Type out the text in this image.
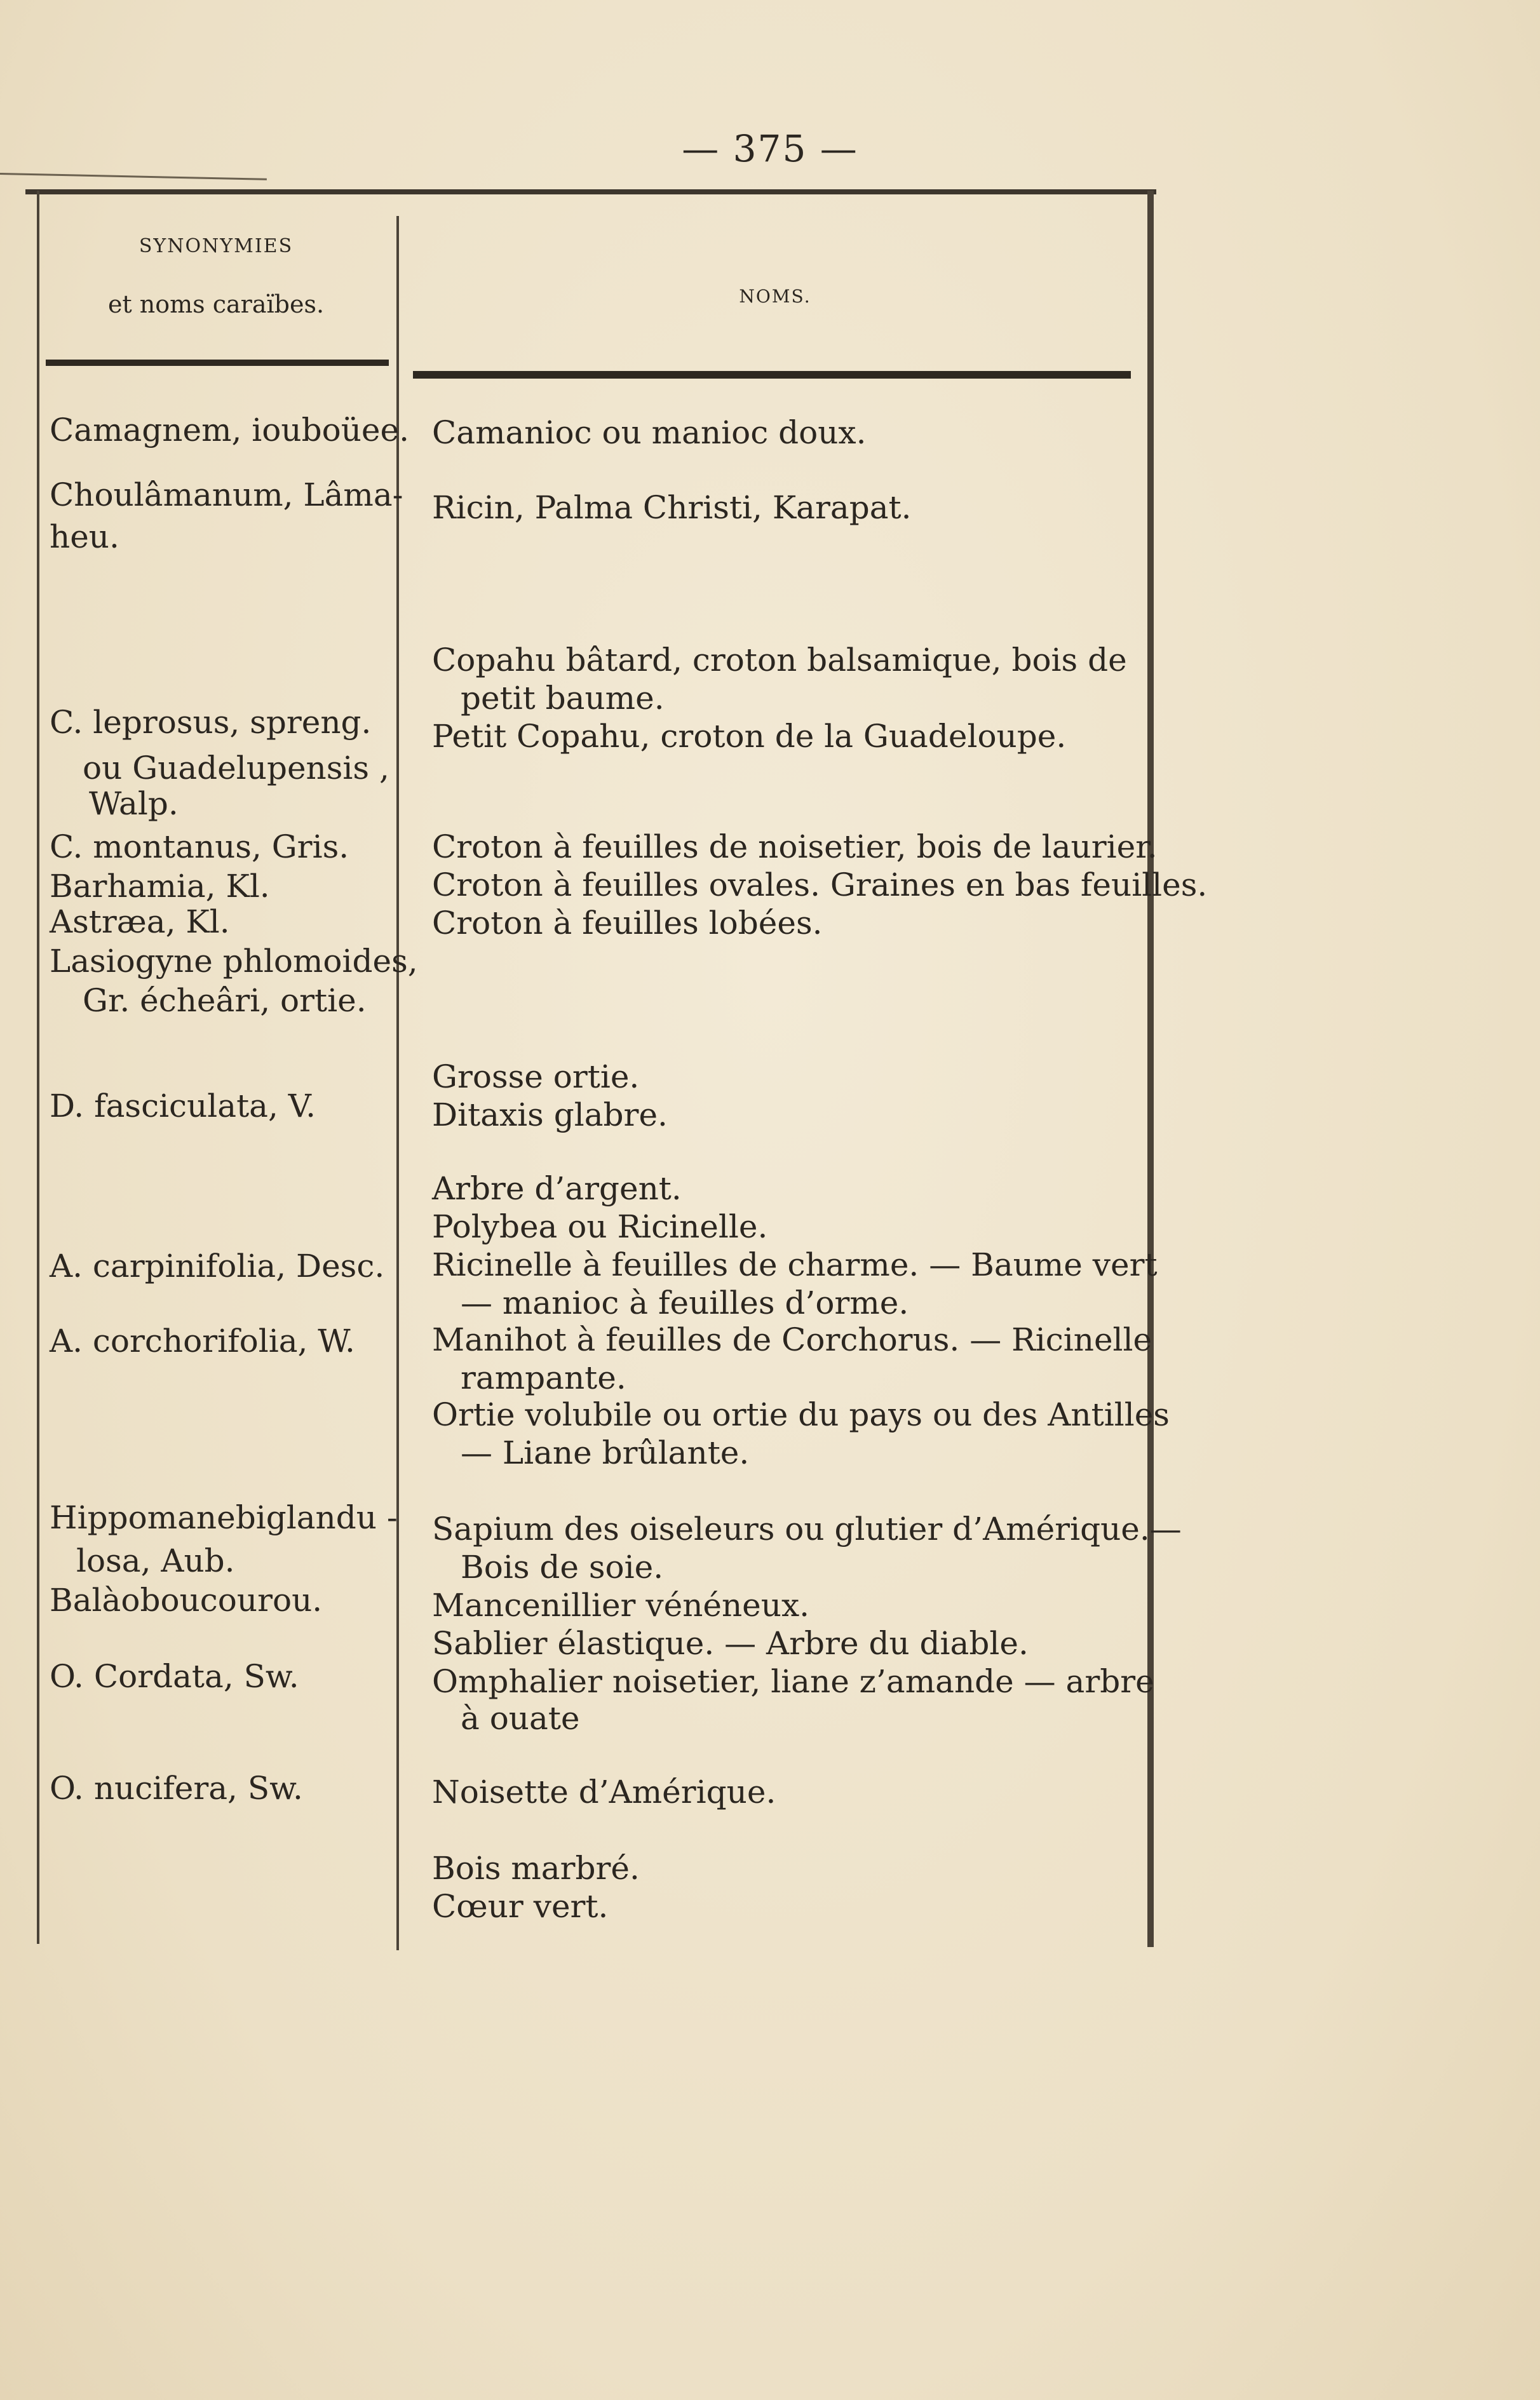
— 375 —
SYNONYMIES
et noms caraïbes.	NOMS.
Camagnem, iouboüee.
Choulâmanum, Lâma-
heu.
C. leprosus, spreng.
ou Guadelupensis ,
Walp.
C. montanus, Gris.
Barhamia, Kl.
Astræa, Kl.
Lasiogyne phlomoides,
Gr. écheâri, ortie.
D. fasciculata, V.
A. carpinifolia, Desc.
A. corchorifolia, W.
Hippomanebiglandu -
losa, Aub.
Balàoboucourou.
O. Cordata, Sw.
O. nucifera, Sw.
Camanioc ou manioc doux.
Ricin, Palma Christi, Karapat.
Copahu bâtard, croton balsamique, bois de
petit baume.
Petit Copahu, croton de la Guadeloupe.
Croton à feuilles de noisetier, bois de laurier.
Croton à feuilles ovales. Graines en bas feuilles.
Croton à feuilles lobées.
Grosse ortie.
Ditaxis glabre.
Arbre d’argent.
Polybea ou Ricinelle.
Ricinelle à feuilles de charme. — Baume vert
— manioc à feuilles d’orme.
Manihot à feuilles de Corchorus. — Ricinelle
rampante.
Ortie volubile ou ortie du pays ou des Antilles
— Liane brûlante.
Sapium des oiseleurs ou glutier d’Amérique.—
Bois de soie.
Mancenillier vénéneux.
Sablier élastique. — Arbre du diable.
Omphalier noisetier, liane z’amande — arbre
à ouate
Noisette d’Amérique.
Bois marbré.
Cœur vert.
